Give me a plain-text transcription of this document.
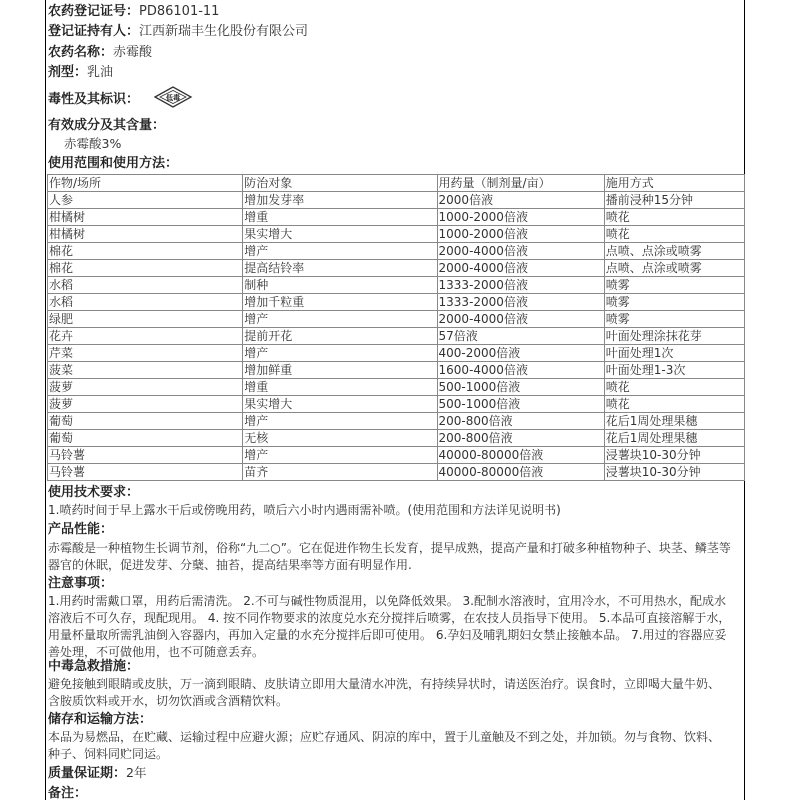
农药登记证号：PD86101-11
登记证持有人：江西新瑞丰生化股份有限公司
农药名称：赤霉酸
剂型：乳油
毒性及其标识：	低毒
有效成分及其含量：
赤霉酸3%
使用范围和使用方法：
作物/场所	防治对象	用药量（制剂量/亩）	施用方式
人参	增加发芽率	2000倍液	播前浸种15分钟
柑橘树	增重	1000-2000倍液	喷花
柑橘树	果实增大	1000-2000倍液	喷花
棉花	增产	2000-4000倍液	点喷、点涂或喷雾
棉花	提高结铃率	2000-4000倍液	点喷、点涂或喷雾
水稻	制种	1333-2000倍液	喷雾
水稻	增加千粒重	1333-2000倍液	喷雾
绿肥	增产	2000-4000倍液	喷雾
花卉	提前开花	57倍液	叶面处理涂抹花芽
芹菜	增产	400-2000倍液	叶面处理1次
菠菜	增加鲜重	1600-4000倍液	叶面处理1-3次
菠萝	增重	500-1000倍液	喷花
菠萝	果实增大	500-1000倍液	喷花
葡萄	增产	200-800倍液	花后1周处理果穗
葡萄	无核	200-800倍液	花后1周处理果穗
马铃薯	增产	40000-80000倍液	浸薯块10-30分钟
马铃薯	苗齐	40000-80000倍液	浸薯块10-30分钟
使用技术要求：
1.喷药时间于早上露水干后或傍晚用药，喷后六小时内遇雨需补喷。(使用范围和方法详见说明书)
产品性能：
赤霉酸是一种植物生长调节剂，俗称“九二○”。它在促进作物生长发育，提早成熟，提高产量和打破多种植物种子、块茎、鳞茎等
器官的休眠，促进发芽、分蘖、抽苔，提高结果率等方面有明显作用.
注意事项：
1.用药时需戴口罩，用药后需清洗。 2.不可与碱性物质混用，以免降低效果。 3.配制水溶液时，宜用冷水，不可用热水，配成水
溶液后不可久存，现配现用。 4. 按不同作物要求的浓度兑水充分搅拌后喷雾，在农技人员指导下使用。 5.本品可直接溶解于水，
用量杯量取所需乳油倒入容器内，再加入定量的水充分搅拌后即可使用。 6.孕妇及哺乳期妇女禁止接触本品。 7.用过的容器应妥
善处理，不可做他用，也不可随意丢弃。
中毒急救措施：
避免接触到眼睛或皮肤，万一滴到眼睛、皮肤请立即用大量清水冲洗，有持续异状时，请送医治疗。误食时，立即喝大量牛奶、
含胺质饮料或开水，切勿饮酒或含酒精饮料。
储存和运输方法：
本品为易燃品，在贮藏、运输过程中应避火源；应贮存通风、阴凉的库中，置于儿童触及不到之处，并加锁。勿与食物、饮料、
种子、饲料同贮同运。
质量保证期：2年
备注：
